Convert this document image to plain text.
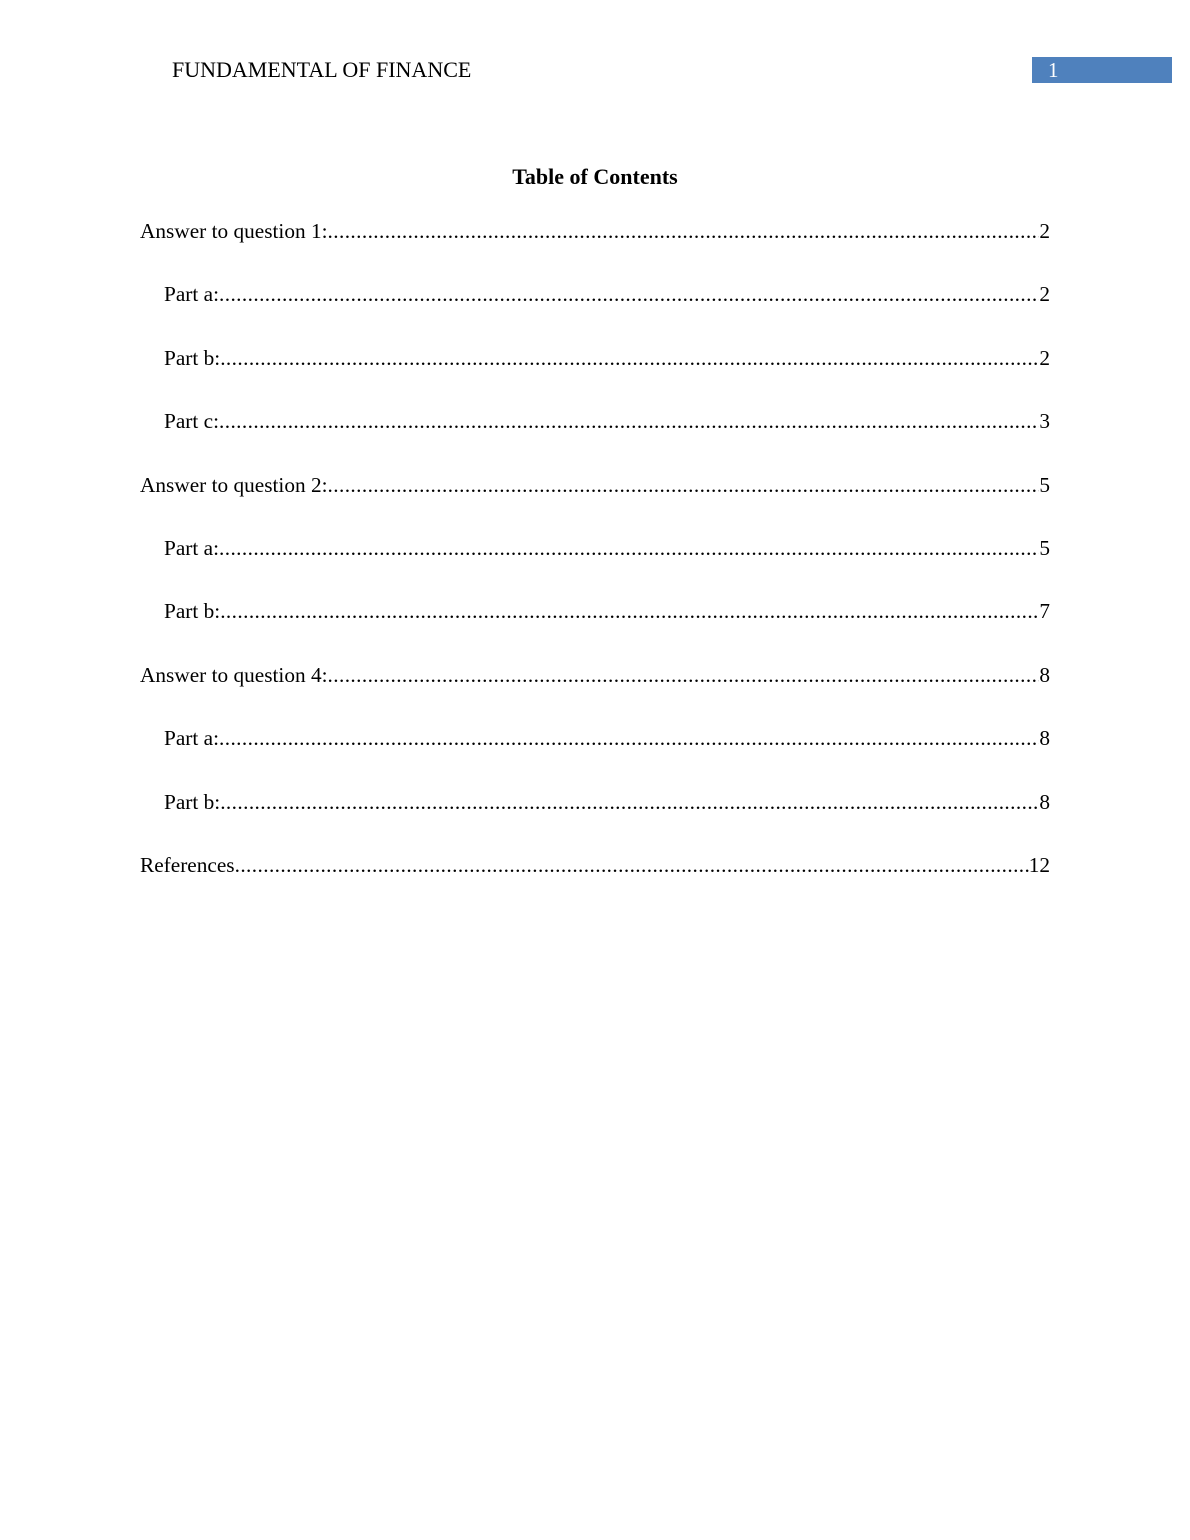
FUNDAMENTAL OF FINANCE	1
Table of Contents
Answer to question 1: .....	2
Part a: .....	2
Part b: .....	2
Part c: .....	3
Answer to question 2: .....	5
Part a: .....	5
Part b: .....	7
Answer to question 4: .....	8
Part a: .....	8
Part b: .....	8
References .....	12
